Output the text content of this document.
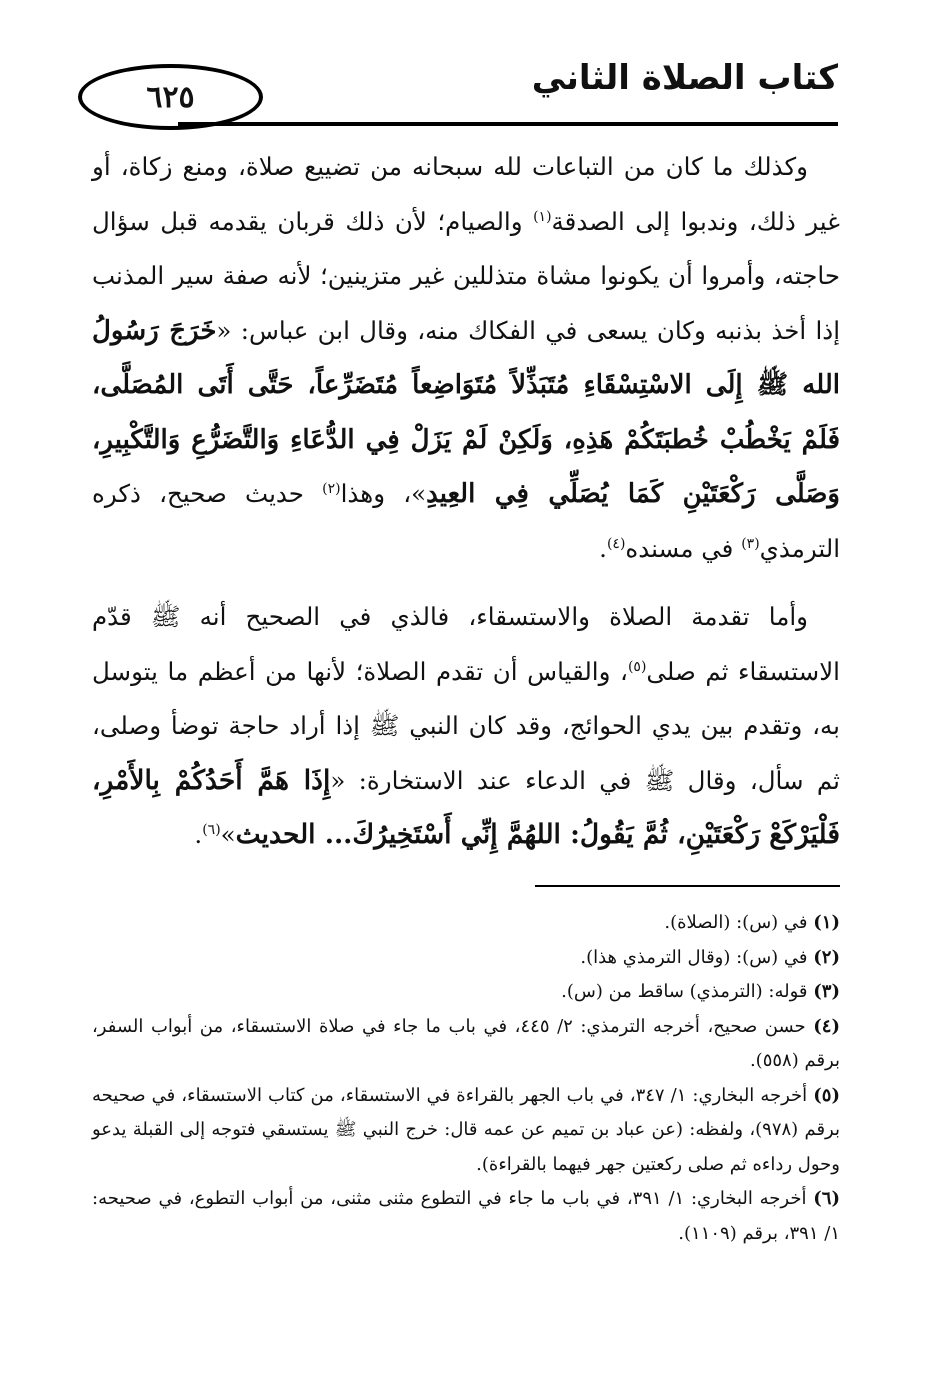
٦٢٥	كتاب الصلاة الثاني

وكذلك ما كان من التباعات لله سبحانه من تضييع صلاة، ومنع زكاة، أو غير ذلك، وندبوا إلى الصدقة$^{(١)}$ والصيام؛ لأن ذلك قربان يقدمه قبل سؤال حاجته، وأمروا أن يكونوا مشاة متذللين غير متزينين؛ لأنه صفة سير المذنب إذا أخذ بذنبه وكان يسعى في الفكاك منه، وقال ابن عباس: «خَرَجَ رَسُولُ الله ﷺ إِلَى الاسْتِسْقَاءِ مُتَبَذِّلاً مُتَوَاضِعاً مُتَضَرِّعاً، حَتَّى أَتَى المُصَلَّى، فَلَمْ يَخْطُبْ خُطبَتَكُمْ هَذِهِ، وَلَكِنْ لَمْ يَزَلْ فِي الدُّعَاءِ وَالتَّضَرُّعِ وَالتَّكْبِيرِ، وَصَلَّى رَكْعَتَيْنِ كَمَا يُصَلِّي فِي العِيدِ»، وهذا$^{(٢)}$ حديث صحيح، ذكره الترمذي$^{(٣)}$ في مسنده$^{(٤)}$.

وأما تقدمة الصلاة والاستسقاء، فالذي في الصحيح أنه ﷺ قدّم الاستسقاء ثم صلى$^{(٥)}$، والقياس أن تقدم الصلاة؛ لأنها من أعظم ما يتوسل به، وتقدم بين يدي الحوائج، وقد كان النبي ﷺ إذا أراد حاجة توضأ وصلى، ثم سأل، وقال ﷺ في الدعاء عند الاستخارة: «إِذَا هَمَّ أَحَدُكُمْ بِالأَمْرِ، فَلْيَرْكَعْ رَكْعَتَيْنِ، ثُمَّ يَقُولُ: اللهُمَّ إِنِّي أَسْتَخِيرُكَ... الحديث»$^{(٦)}$.

(١) في (س): (الصلاة).

(٢) في (س): (وقال الترمذي هذا).

(٣) قوله: (الترمذي) ساقط من (س).

(٤) حسن صحيح، أخرجه الترمذي: ٢/ ٤٤٥، في باب ما جاء في صلاة الاستسقاء، من أبواب السفر، برقم (٥٥٨).

(٥) أخرجه البخاري: ١/ ٣٤٧، في باب الجهر بالقراءة في الاستسقاء، من كتاب الاستسقاء، في صحيحه برقم (٩٧٨)، ولفظه: (عن عباد بن تميم عن عمه قال: خرج النبي ﷺ يستسقي فتوجه إلى القبلة يدعو وحول رداءه ثم صلى ركعتين جهر فيهما بالقراءة).

(٦) أخرجه البخاري: ١/ ٣٩١، في باب ما جاء في التطوع مثنى مثنى، من أبواب التطوع، في صحيحه: ١/ ٣٩١، برقم (١١٠٩).
